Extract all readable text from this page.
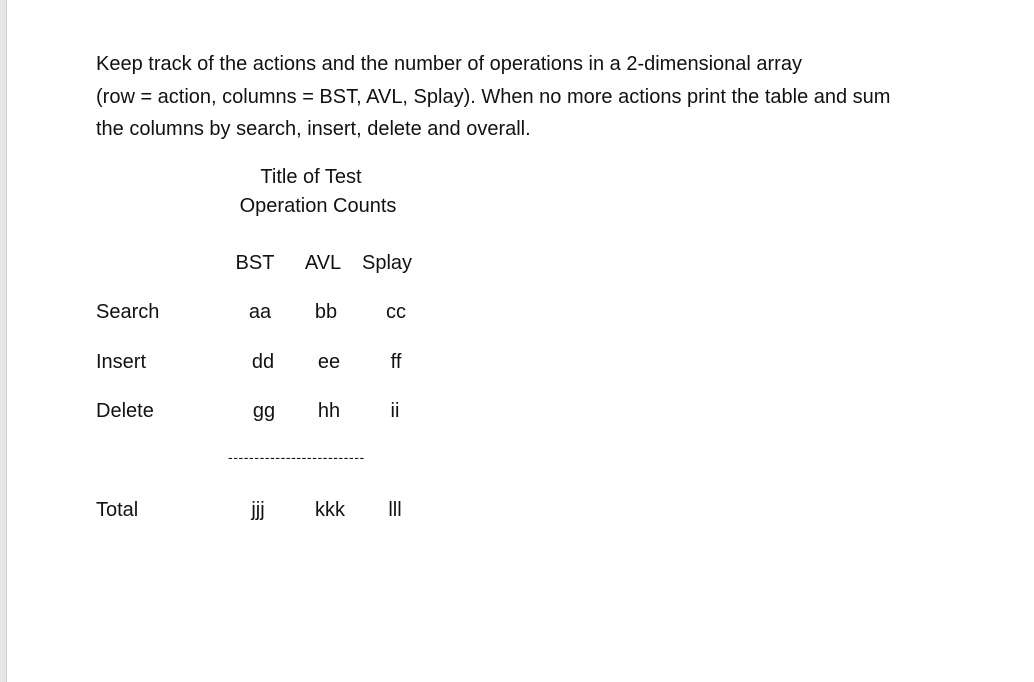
Keep track of the actions and the number of operations in a 2-dimensional array
(row = action, columns = BST, AVL, Splay). When no more actions print the table and sum
the columns by search, insert, delete and overall.
Title of Test
Operation Counts
BST AVL Splay
Search	aa bb cc
Insert	dd ee	ff
Delete	gg hh	ii
--------------------------
Total	jjj	kkk lll
